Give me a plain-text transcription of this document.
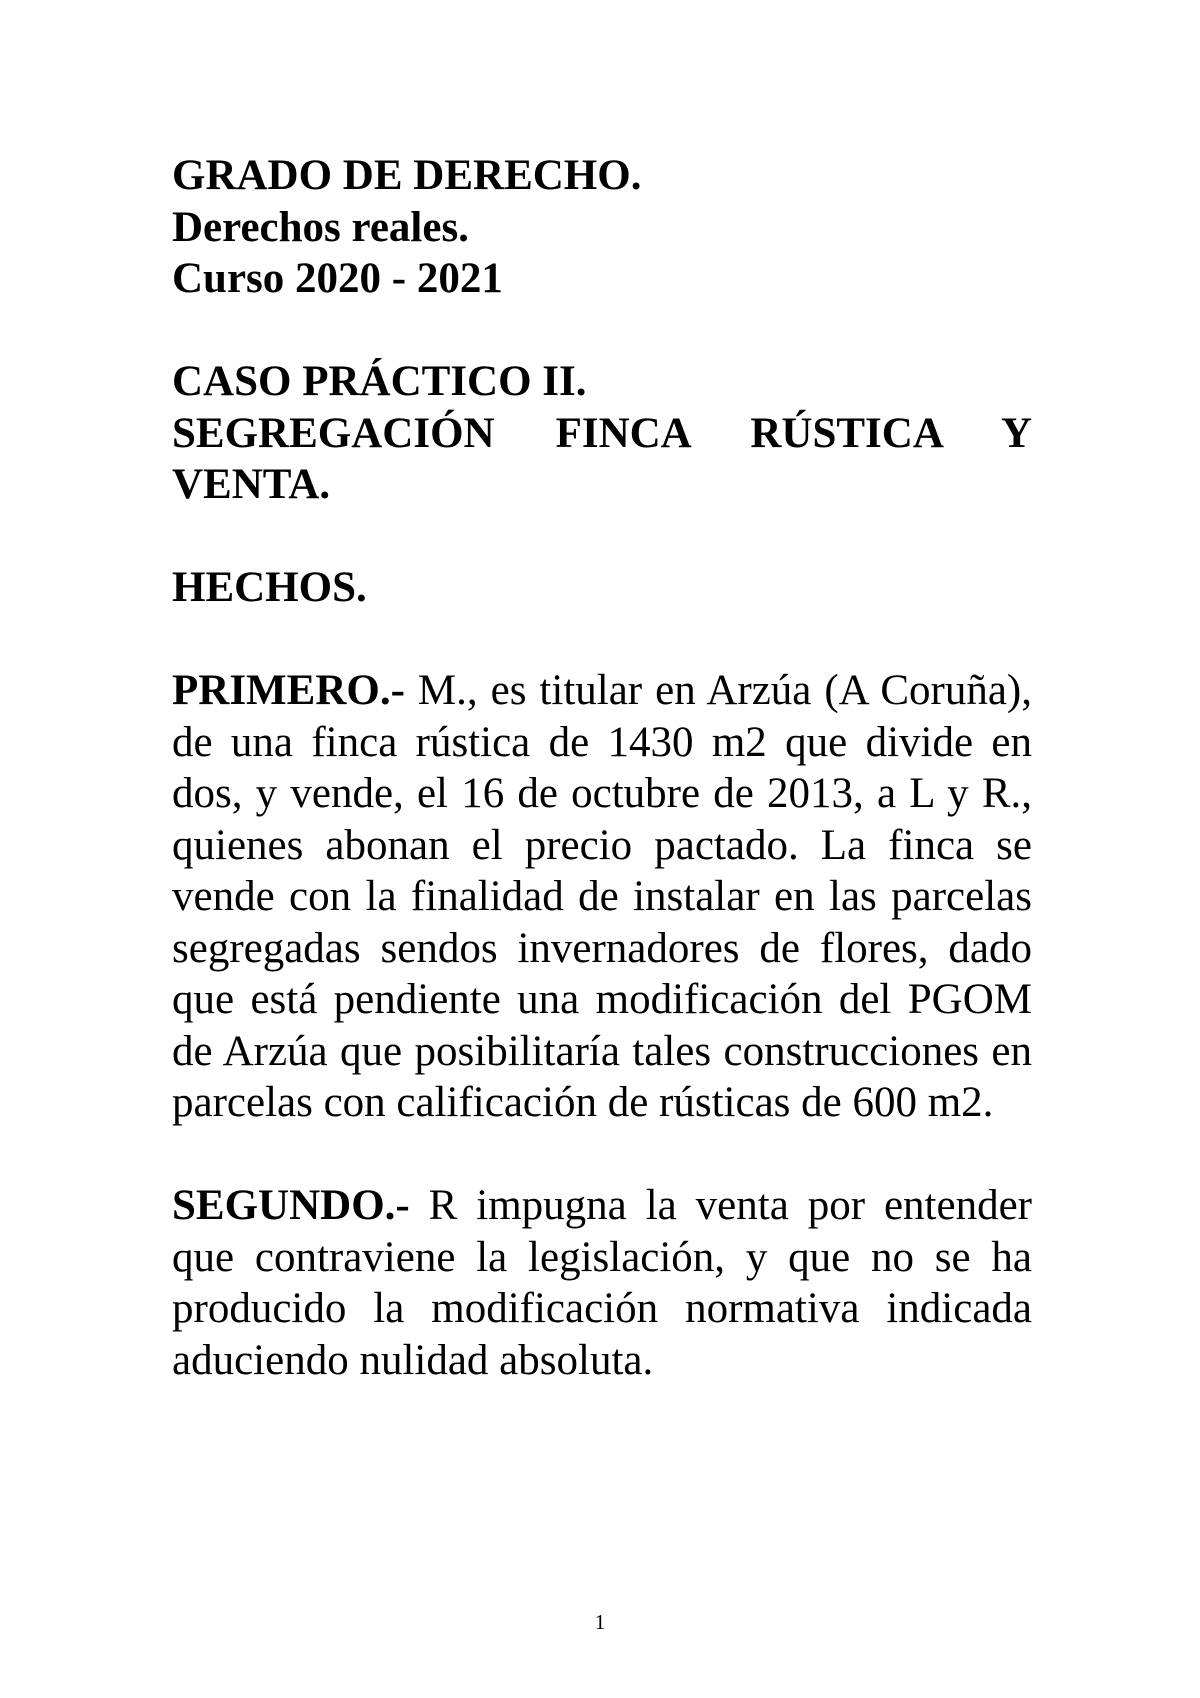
GRADO DE DERECHO.
Derechos reales.
Curso 2020 - 2021
CASO PRÁCTICO II.
SEGREGACIÓN FINCA RÚSTICA Y VENTA.
HECHOS.

PRIMERO.- M., es titular en Arzúa (A Coruña), de una finca rústica de 1430 m2 que divide en dos, y vende, el 16 de octubre de 2013, a L y R., quienes abonan el precio pactado. La finca se vende con la finalidad de instalar en las parcelas segregadas sendos invernadores de flores, dado que está pendiente una modificación del PGOM de Arzúa que posibilitaría tales construcciones en parcelas con calificación de rústicas de 600 m2.

SEGUNDO.- R impugna la venta por entender que contraviene la legislación, y que no se ha producido la modificación normativa indicada aduciendo nulidad absoluta.

1
